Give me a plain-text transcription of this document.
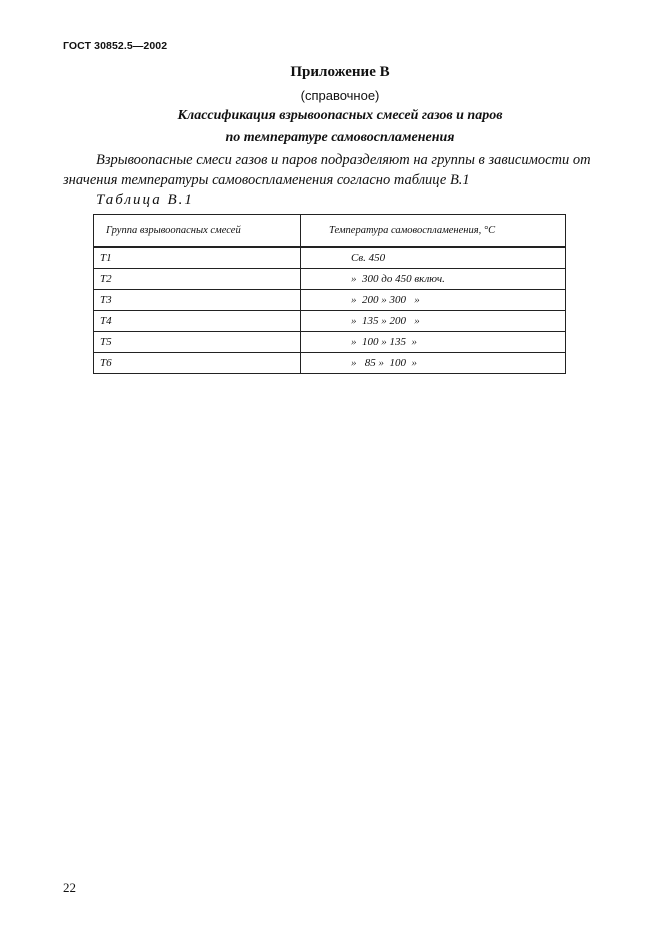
ГОСТ 30852.5—2002
Приложение В
(справочное)
Классификация взрывоопасных смесей газов и паров
по температуре самовоспламенения
Взрывоопасные смеси газов и паров подразделяют на группы в зависимости от значения температуры самовоспламенения согласно таблице В.1
Таблица В.1
Группа взрывоопасных смесей	Температура самовоспламенения, °С
T1	Св. 450
T2	»  300 до 450 включ.
T3	»  200 » 300   »
T4	»  135 » 200   »
T5	»  100 » 135  »
T6	»   85 »  100  »
22
